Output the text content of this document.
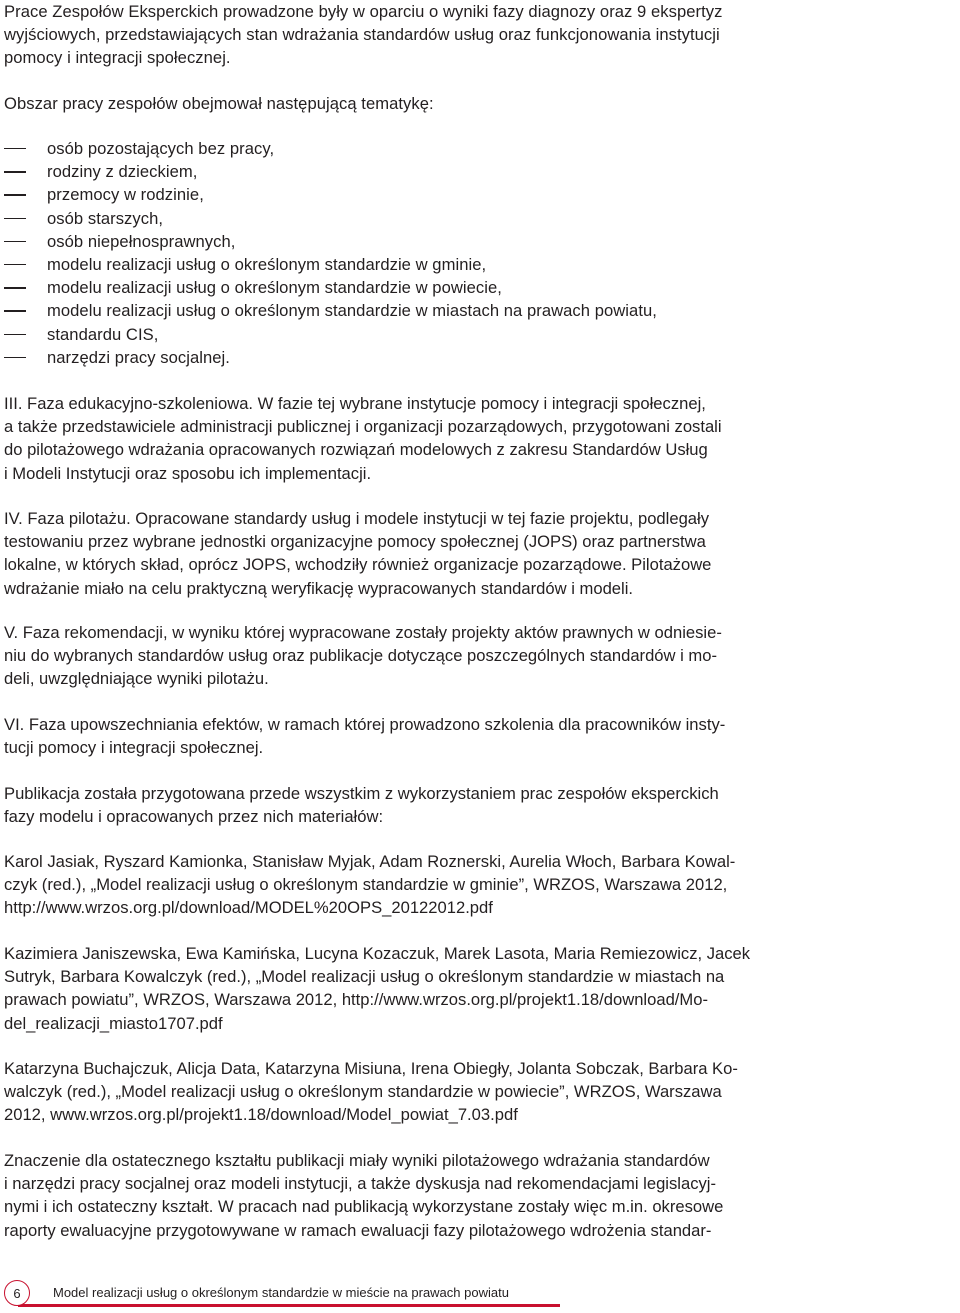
Prace Zespołów Eksperckich prowadzone były w oparciu o wyniki fazy diagnozy oraz 9 ekspertyz
wyjściowych, przedstawiających stan wdrażania standardów usług oraz funkcjonowania instytucji
pomocy i integracji społecznej.

Obszar pracy zespołów obejmował następującą tematykę:

osób pozostających bez pracy,
rodziny z dzieckiem,
przemocy w rodzinie,
osób starszych,
osób niepełnosprawnych,
modelu realizacji usług o określonym standardzie w gminie,
modelu realizacji usług o określonym standardzie w powiecie,
modelu realizacji usług o określonym standardzie w miastach na prawach powiatu,
standardu CIS,
narzędzi pracy socjalnej.

III. Faza edukacyjno-szkoleniowa. W fazie tej wybrane instytucje pomocy i integracji społecznej,
a także przedstawiciele administracji publicznej i organizacji pozarządowych, przygotowani zostali
do pilotażowego wdrażania opracowanych rozwiązań modelowych z zakresu Standardów Usług
i Modeli Instytucji oraz sposobu ich implementacji.

IV. Faza pilotażu. Opracowane standardy usług i modele instytucji w tej fazie projektu, podlegały
testowaniu przez wybrane jednostki organizacyjne pomocy społecznej (JOPS) oraz partnerstwa
lokalne, w których skład, oprócz JOPS, wchodziły również organizacje pozarządowe. Pilotażowe
wdrażanie miało na celu praktyczną weryfikację wypracowanych standardów i modeli.

V. Faza rekomendacji, w wyniku której wypracowane zostały projekty aktów prawnych w odniesie-
niu do wybranych standardów usług oraz publikacje dotyczące poszczególnych standardów i mo-
deli, uwzględniające wyniki pilotażu.

VI. Faza upowszechniania efektów, w ramach której prowadzono szkolenia dla pracowników insty-
tucji pomocy i integracji społecznej.

Publikacja została przygotowana przede wszystkim z wykorzystaniem prac zespołów eksperckich
fazy modelu i opracowanych przez nich materiałów:

Karol Jasiak, Ryszard Kamionka, Stanisław Myjak, Adam Roznerski, Aurelia Włoch, Barbara Kowal-
czyk (red.), „Model realizacji usług o określonym standardzie w gminie”, WRZOS, Warszawa 2012,
http://www.wrzos.org.pl/download/MODEL%20OPS_20122012.pdf

Kazimiera Janiszewska, Ewa Kamińska, Lucyna Kozaczuk, Marek Lasota, Maria Remiezowicz, Jacek
Sutryk, Barbara Kowalczyk (red.), „Model realizacji usług o określonym standardzie w miastach na
prawach powiatu”, WRZOS, Warszawa 2012, http://www.wrzos.org.pl/projekt1.18/download/Mo-
del_realizacji_miasto1707.pdf

Katarzyna Buchajczuk, Alicja Data, Katarzyna Misiuna, Irena Obiegły, Jolanta Sobczak, Barbara Ko-
walczyk (red.), „Model realizacji usług o określonym standardzie w powiecie”, WRZOS, Warszawa
2012, www.wrzos.org.pl/projekt1.18/download/Model_powiat_7.03.pdf

Znaczenie dla ostatecznego kształtu publikacji miały wyniki pilotażowego wdrażania standardów
i narzędzi pracy socjalnej oraz modeli instytucji, a także dyskusja nad rekomendacjami legislacyj-
nymi i ich ostateczny kształt. W pracach nad publikacją wykorzystane zostały więc m.in. okresowe
raporty ewaluacyjne przygotowywane w ramach ewaluacji fazy pilotażowego wdrożenia standar-

6	Model realizacji usług o określonym standardzie w mieście na prawach powiatu
